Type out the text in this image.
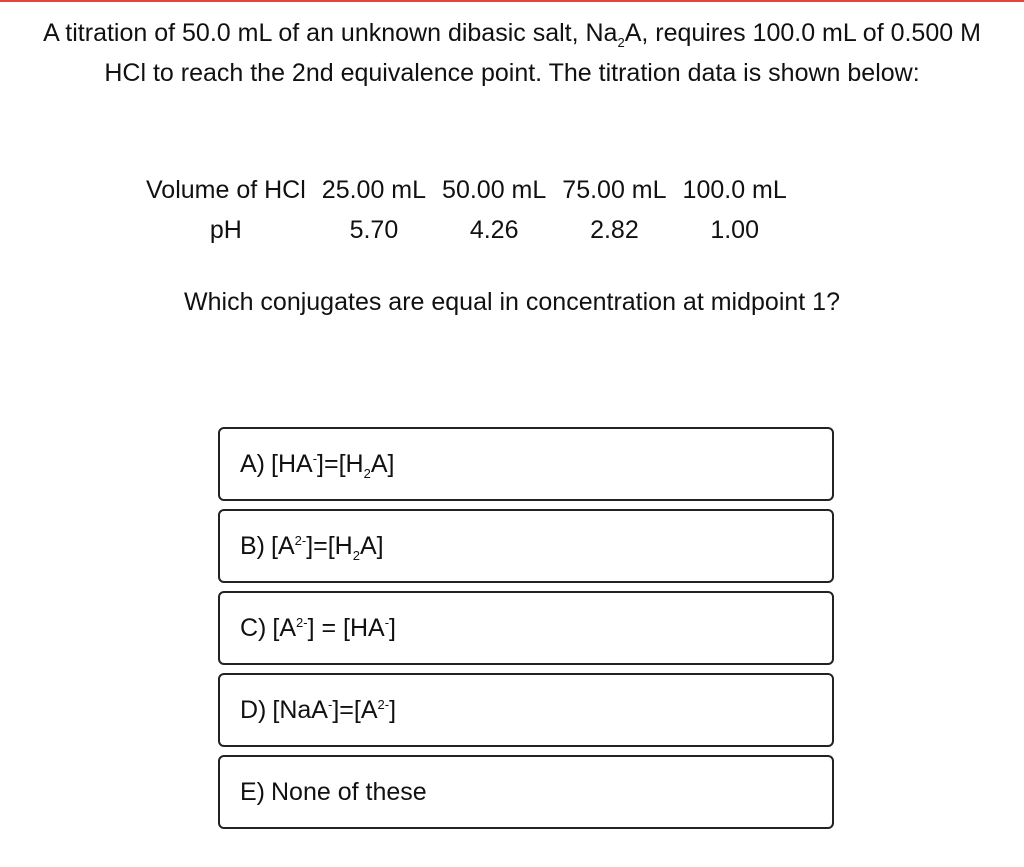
A titration of 50.0 mL of an unknown dibasic salt, $Na_2A$, requires 100.0 mL of 0.500 M HCl to reach the 2nd equivalence point. The titration data is shown below:
Volume of HCl	25.00 mL	50.00 mL	75.00 mL	100.0 mL
pH	5.70	4.26	2.82	1.00
Which conjugates are equal in concentration at midpoint 1?
A) $[HA^-]=[H_2A]$
B) $[A^{2-}]=[H_2A]$
C) $[A^{2-}] = [HA^-]$
D) $[NaA^-]=[A^{2-}]$
E) None of these
